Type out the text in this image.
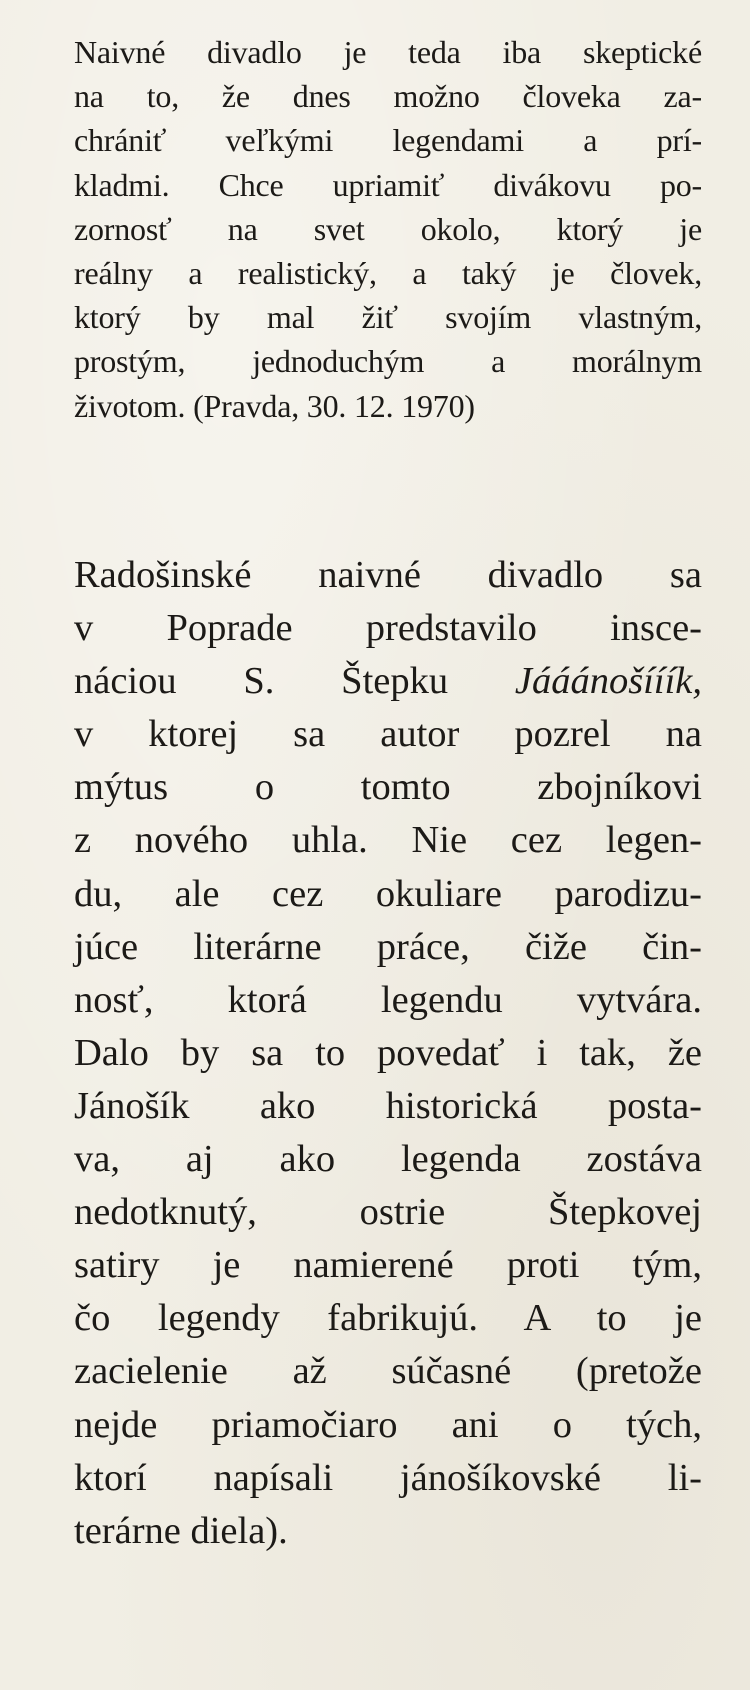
Naivné divadlo je teda iba skeptické
na to, že dnes možno človeka za-
chrániť veľkými legendami a prí-
kladmi. Chce upriamiť divákovu po-
zornosť na svet okolo, ktorý je
reálny a realistický, a taký je človek,
ktorý by mal žiť svojím vlastným,
prostým, jednoduchým a morálnym
životom. (Pravda, 30. 12. 1970)

Radošinské naivné divadlo sa
v Poprade predstavilo insce-
náciou S. Štepku Jááánošííík,
v ktorej sa autor pozrel na
mýtus o tomto zbojníkovi
z nového uhla. Nie cez legen-
du, ale cez okuliare parodizu-
júce literárne práce, čiže čin-
nosť, ktorá legendu vytvára.
Dalo by sa to povedať i tak, že
Jánošík ako historická posta-
va, aj ako legenda zostáva
nedotknutý, ostrie Štepkovej
satiry je namierené proti tým,
čo legendy fabrikujú. A to je
zacielenie až súčasné (pretože
nejde priamočiaro ani o tých,
ktorí napísali jánošíkovské li-
terárne diela).
